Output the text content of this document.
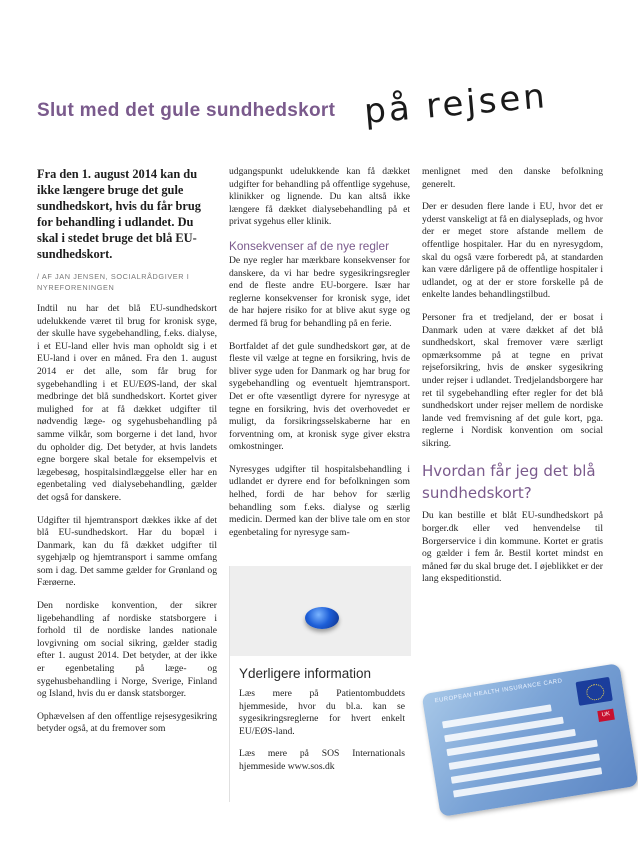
Slut med det gule sundhedskort på rejsen

Fra den 1. august 2014 kan du ikke længere bruge det gule sundhedskort, hvis du får brug for behandling i udlandet. Du skal i stedet bruge det blå EU-sundhedskort.

/ AF JAN JENSEN, SOCIALRÅDGIVER I NYREFORENINGEN

Indtil nu har det blå EU-sundhedskort udelukkende været til brug for kronisk syge, der skulle have sygebehandling, f.eks. dialyse, i et EU-land eller hvis man opholdt sig i et EU-land i over en måned. Fra den 1. august 2014 er det alle, som får brug for sygebehandling i et EU/EØS-land, der skal medbringe det blå sundhedskort. Kortet giver mulighed for at få dækket udgifter til nødvendig læge- og sygehusbehandling på samme vilkår, som borgerne i det land, hvor du opholder dig. Det betyder, at hvis landets egne borgere skal betale for eksempelvis et lægebesøg, hospitalsindlæggelse eller har en egenbetaling ved dialysebehandling, gælder det også for danskere.

Udgifter til hjemtransport dækkes ikke af det blå EU-sundhedskort. Har du bopæl i Danmark, kan du få dækket udgifter til sygehjælp og hjemtransport i samme omfang som i dag. Det samme gælder for Grønland og Færøerne.

Den nordiske konvention, der sikrer ligebehandling af nordiske statsborgere i forhold til de nordiske landes nationale lovgivning om social sikring, gælder stadig efter 1. august 2014. Det betyder, at der ikke er egenbetaling på læge- og sygehusbehandling i Norge, Sverige, Finland og Island, hvis du er dansk statsborger.

Ophævelsen af den offentlige rejsesygesikring betyder også, at du fremover som

udgangspunkt udelukkende kan få dækket udgifter for behandling på offentlige sygehuse, klinikker og lignende. Du kan altså ikke længere få dækket dialysebehandling på et privat sygehus eller klinik.

Konsekvenser af de nye regler

De nye regler har mærkbare konsekvenser for danskere, da vi har bedre sygesikringsregler end de fleste andre EU-borgere. Især har reglerne konsekvenser for kronisk syge, idet de har højere risiko for at blive akut syge og dermed få brug for behandling på en ferie.

Bortfaldet af det gule sundhedskort gør, at de fleste vil vælge at tegne en forsikring, hvis de bliver syge uden for Danmark og har brug for sygebehandling og eventuelt hjemtransport. Det er ofte væsentligt dyrere for nyresyge at tegne en forsikring, hvis det overhovedet er muligt, da forsikringsselskaberne har en forventning om, at kronisk syge giver ekstra omkostninger.

Nyresyges udgifter til hospitalsbehandling i udlandet er dyrere end for befolkningen som helhed, fordi de har behov for særlig behandling som f.eks. dialyse og særlig medicin. Dermed kan der blive tale om en stor egenbetaling for nyresyge sam-

menlignet med den danske befolkning generelt.

Der er desuden flere lande i EU, hvor det er yderst vanskeligt at få en dialyseplads, og hvor der er meget store afstande mellem de offentlige hospitaler. Har du en nyresygdom, skal du også være forberedt på, at standarden kan være dårligere på de offentlige hospitaler i udlandet, og at der er store forskelle på de enkelte landes behandlingstilbud.

Personer fra et tredjeland, der er bosat i Danmark uden at være dækket af det blå sundhedskort, skal fremover være særligt opmærksomme på at tegne en privat rejseforsikring, hvis de ønsker sygesikring under rejser i udlandet. Tredjelandsborgere har ret til sygebehandling efter regler for det blå sundhedskort under rejser mellem de nordiske lande ved fremvisning af det gule kort, pga. reglerne i Nordisk konvention om social sikring.

Hvordan får jeg det blå sundhedskort?

Du kan bestille et blåt EU-sundhedskort på borger.dk eller ved henvendelse til Borgerservice i din kommune. Kortet er gratis og gælder i fem år. Bestil kortet mindst en måned før du skal bruge det. I øjeblikket er der lang ekspeditionstid.

Yderligere information

Læs mere på Patientombuddets hjemmeside, hvor du bl.a. kan se sygesikringsreglerne for hvert enkelt EU/EØS-land.

Læs mere på SOS Internationals hjemmeside www.sos.dk

EUROPEAN HEALTH INSURANCE CARD
UK
